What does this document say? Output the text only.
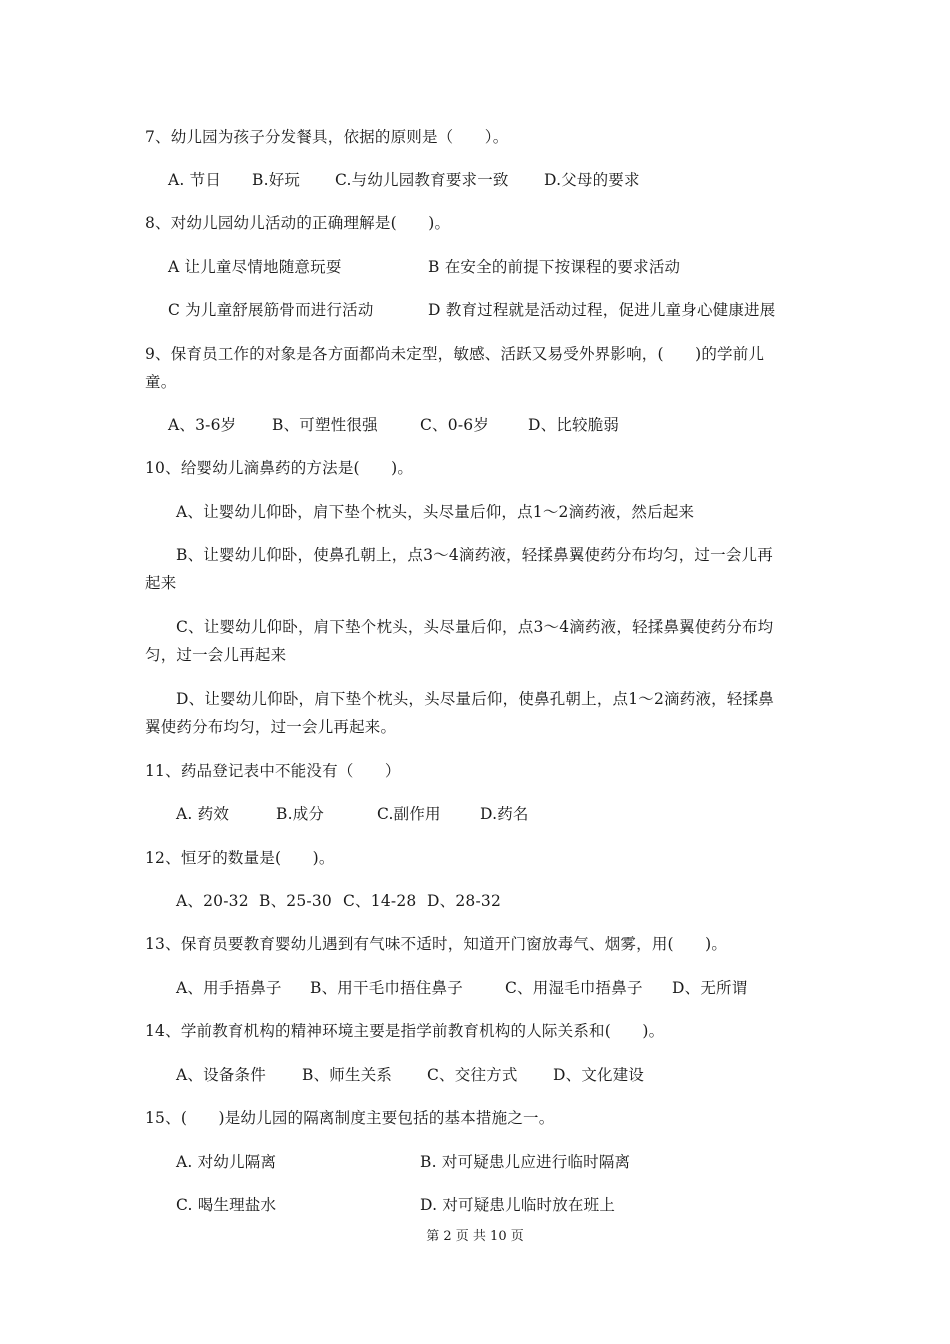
7、幼儿园为孩子分发餐具，依据的原则是（　　）。
A. 节日 B.好玩 C.与幼儿园教育要求一致 D.父母的要求
8、对幼儿园幼儿活动的正确理解是(　　)。
A 让儿童尽情地随意玩耍	B 在安全的前提下按课程的要求活动
C 为儿童舒展筋骨而进行活动	D 教育过程就是活动过程，促进儿童身心健康进展
9、保育员工作的对象是各方面都尚未定型，敏感、活跃又易受外界影响，(　　)的学前儿
童。
A、3-6岁 B、可塑性很强	C、0-6岁	D、比较脆弱
10、给婴幼儿滴鼻药的方法是(　　)。
A、让婴幼儿仰卧，肩下垫个枕头，头尽量后仰，点1～2滴药液，然后起来
B、让婴幼儿仰卧，使鼻孔朝上，点3～4滴药液，轻揉鼻翼使药分布均匀，过一会儿再
起来
C、让婴幼儿仰卧，肩下垫个枕头，头尽量后仰，点3～4滴药液，轻揉鼻翼使药分布均
匀，过一会儿再起来
D、让婴幼儿仰卧，肩下垫个枕头，头尽量后仰，使鼻孔朝上，点1～2滴药液，轻揉鼻
翼使药分布均匀，过一会儿再起来。
11、药品登记表中不能没有（　　）
A. 药效	B.成分	C.副作用	D.药名
12、恒牙的数量是(　　)。
A、20-32 B、25-30 C、14-28 D、28-32
13、保育员要教育婴幼儿遇到有气味不适时，知道开门窗放毒气、烟雾，用(　　)。
A、用手捂鼻子 B、用干毛巾捂住鼻子	C、用湿毛巾捂鼻子 D、无所谓
14、学前教育机构的精神环境主要是指学前教育机构的人际关系和(　　)。
A、设备条件 B、师生关系 C、交往方式 D、文化建设
15、(　　)是幼儿园的隔离制度主要包括的基本措施之一。
A. 对幼儿隔离	B. 对可疑患儿应进行临时隔离
C. 喝生理盐水	D. 对可疑患儿临时放在班上
第 2 页 共 10 页
